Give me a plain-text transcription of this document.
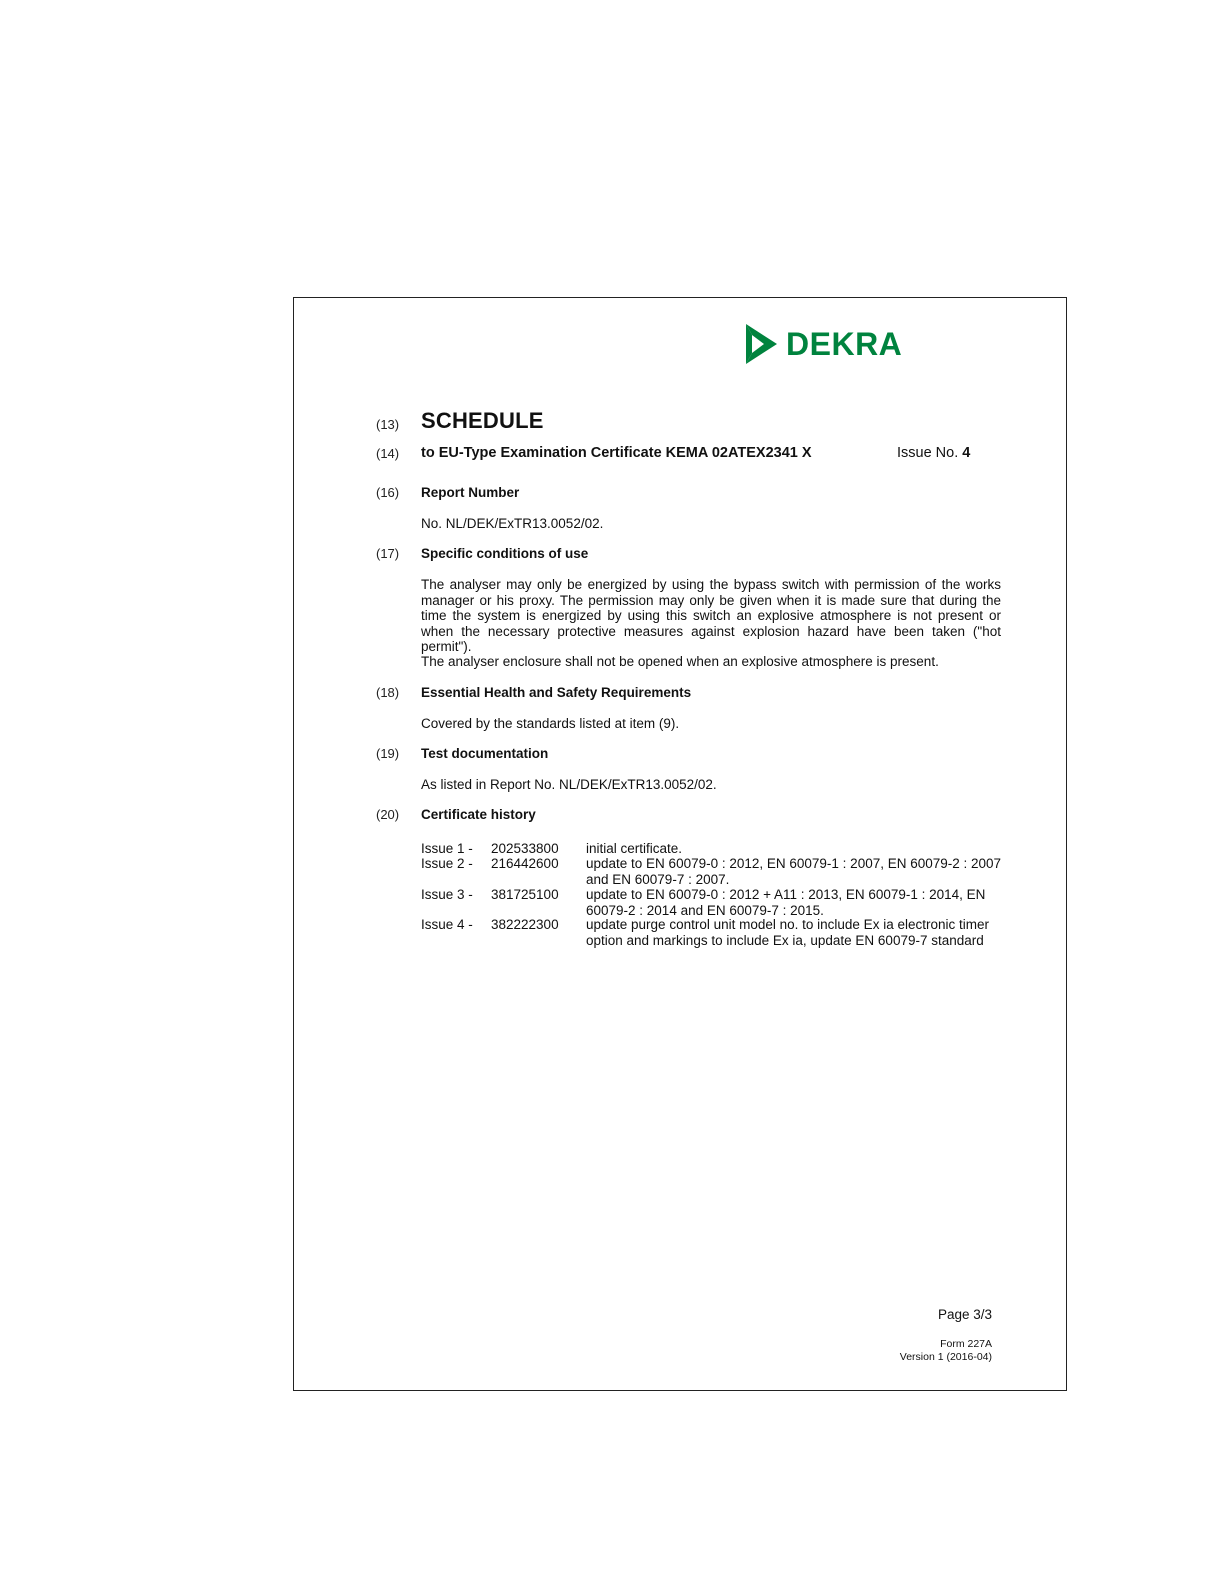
DEKRA
(13) SCHEDULE
(14) to EU-Type Examination Certificate KEMA 02ATEX2341 X	Issue No. 4
(16) Report Number
No. NL/DEK/ExTR13.0052/02.
(17) Specific conditions of use
The analyser may only be energized by using the bypass switch with permission of the works manager or his proxy. The permission may only be given when it is made sure that during the time the system is energized by using this switch an explosive atmosphere is not present or when the necessary protective measures against explosion hazard have been taken ("hot permit").
The analyser enclosure shall not be opened when an explosive atmosphere is present.
(18) Essential Health and Safety Requirements
Covered by the standards listed at item (9).
(19) Test documentation
As listed in Report No. NL/DEK/ExTR13.0052/02.
(20) Certificate history
Issue 1 -	202533800	initial certificate.
Issue 2 -	216442600	update to EN 60079-0 : 2012, EN 60079-1 : 2007, EN 60079-2 : 2007 and EN 60079-7 : 2007.
Issue 3 -	381725100	update to EN 60079-0 : 2012 + A11 : 2013, EN 60079-1 : 2014, EN 60079-2 : 2014 and EN 60079-7 : 2015.
Issue 4 -	382222300	update purge control unit model no. to include Ex ia electronic timer option and markings to include Ex ia, update EN 60079-7 standard
Page 3/3
Form 227A
Version 1 (2016-04)
